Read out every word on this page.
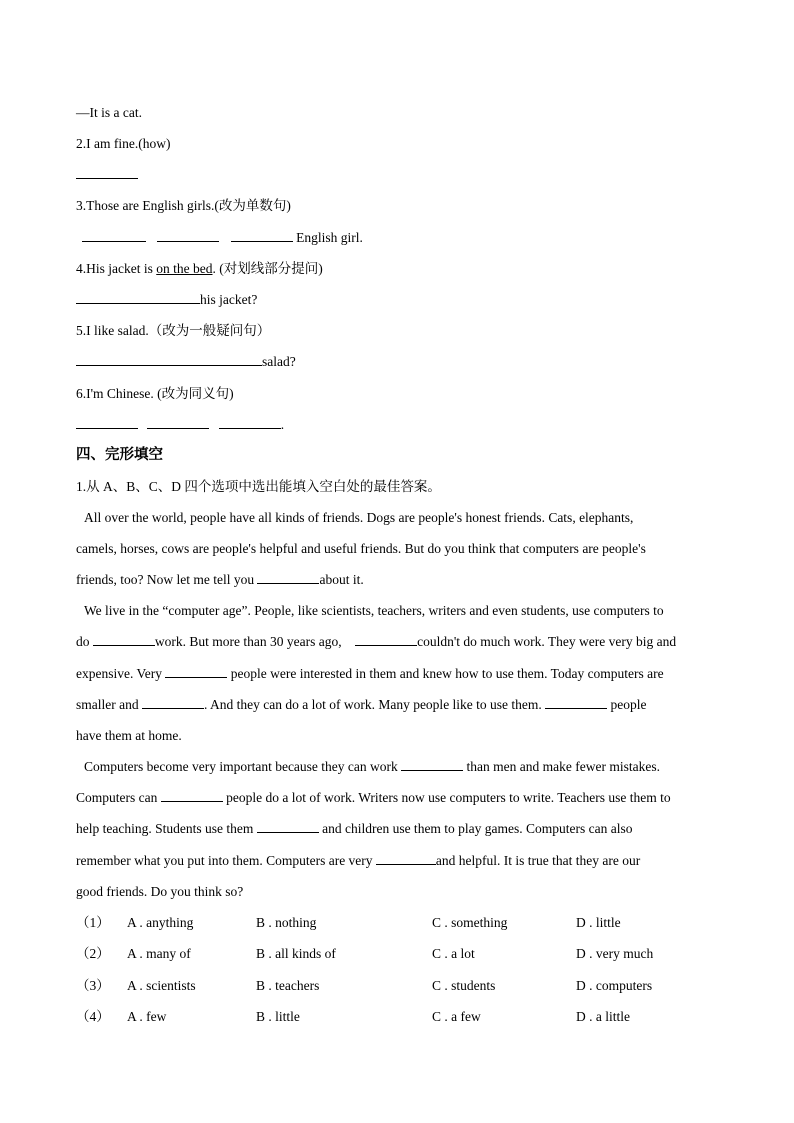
—It is a cat.
2.I am fine.(how)
3.Those are English girls.(改为单数句)
English girl.
4.His jacket is on the bed. (对划线部分提问)
his jacket?
5.I like salad.（改为一般疑问句）
salad?
6.I'm Chinese. (改为同义句)
.
四、完形填空
1.从 A、B、C、D 四个选项中选出能填入空白处的最佳答案。
All over the world, people have all kinds of friends. Dogs are people's honest friends. Cats, elephants,
camels, horses, cows are people's helpful and useful friends. But do you think that computers are people's
friends, too? Now let me tell you	about it.
We live in the “computer age”. People, like scientists, teachers, writers and even students, use computers to
do	work. But more than 30 years ago,	couldn't do much work. They were very big and
expensive. Very	people were interested in them and knew how to use them. Today computers are
smaller and	. And they can do a lot of work. Many people like to use them.	people
have them at home.
Computers become very important because they can work	than men and make fewer mistakes.
Computers can	people do a lot of work. Writers now use computers to write. Teachers use them to
help teaching. Students use them	and children use them to play games. Computers can also
remember what you put into them. Computers are very	and helpful. It is true that they are our
good friends. Do you think so?
（1） A . anything	B . nothing	C . something	D . little
（2） A . many of	B . all kinds of	C . a lot	D . very much
（3） A . scientists	B . teachers	C . students	D . computers
（4） A . few	B . little	C . a few	D . a little
